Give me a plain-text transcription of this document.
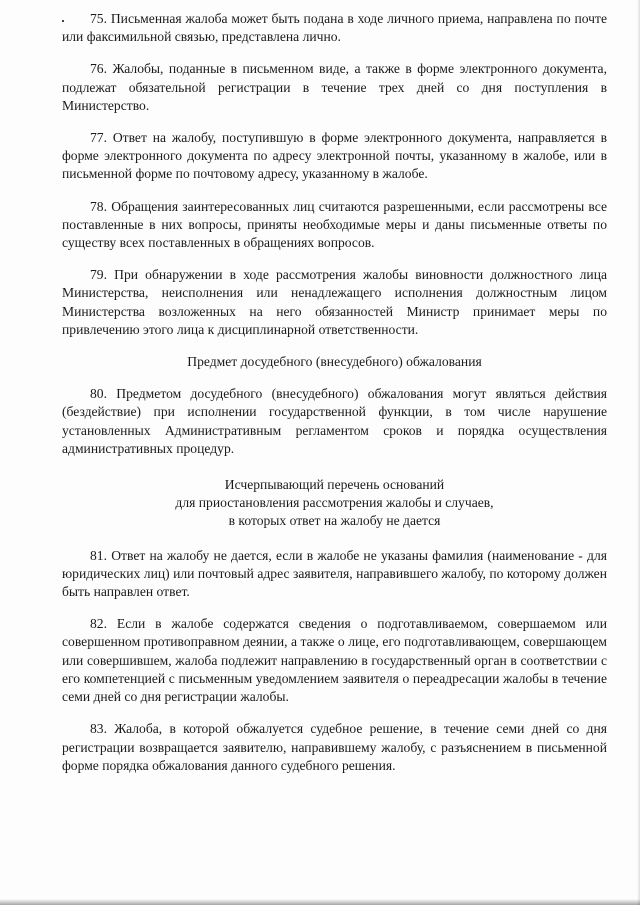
75. Письменная жалоба может быть подана в ходе личного приема, направлена по почте или факсимильной связью, представлена лично.

76. Жалобы, поданные в письменном виде, а также в форме электронного документа, подлежат обязательной регистрации в течение трех дней со дня поступления в Министерство.

77. Ответ на жалобу, поступившую в форме электронного документа, направляется в форме электронного документа по адресу электронной почты, указанному в жалобе, или в письменной форме по почтовому адресу, указанному в жалобе.

78. Обращения заинтересованных лиц считаются разрешенными, если рассмотрены все поставленные в них вопросы, приняты необходимые меры и даны письменные ответы по существу всех поставленных в обращениях вопросов.

79. При обнаружении в ходе рассмотрения жалобы виновности должностного лица Министерства, неисполнения или ненадлежащего исполнения должностным лицом Министерства возложенных на него обязанностей Министр принимает меры по привлечению этого лица к дисциплинарной ответственности.

Предмет досудебного (внесудебного) обжалования

80. Предметом досудебного (внесудебного) обжалования могут являться действия (бездействие) при исполнении государственной функции, в том числе нарушение установленных Административным регламентом сроков и порядка осуществления административных процедур.

Исчерпывающий перечень оснований
для приостановления рассмотрения жалобы и случаев,
в которых ответ на жалобу не дается

81. Ответ на жалобу не дается, если в жалобе не указаны фамилия (наименование - для юридических лиц) или почтовый адрес заявителя, направившего жалобу, по которому должен быть направлен ответ.

82. Если в жалобе содержатся сведения о подготавливаемом, совершаемом или совершенном противоправном деянии, а также о лице, его подготавливающем, совершающем или совершившем, жалоба подлежит направлению в государственный орган в соответствии с его компетенцией с письменным уведомлением заявителя о переадресации жалобы в течение семи дней со дня регистрации жалобы.

83. Жалоба, в которой обжалуется судебное решение, в течение семи дней со дня регистрации возвращается заявителю, направившему жалобу, с разъяснением в письменной форме порядка обжалования данного судебного решения.
